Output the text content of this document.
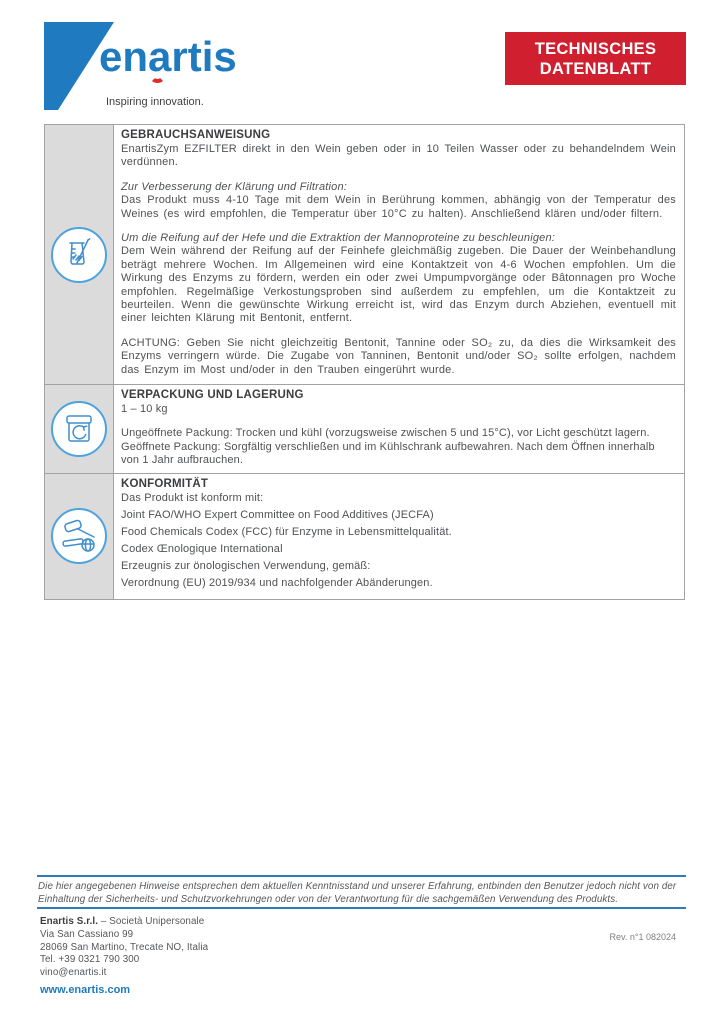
enartis
Inspiring innovation.
TECHNISCHES
DATENBLATT
GEBRAUCHSANWEISUNG
EnartisZym EZFILTER direkt in den Wein geben oder in 10 Teilen Wasser oder zu behandelndem Wein verdünnen.
Zur Verbesserung der Klärung und Filtration:
Das Produkt muss 4-10 Tage mit dem Wein in Berührung kommen, abhängig von der Temperatur des Weines (es wird empfohlen, die Temperatur über 10°C zu halten). Anschließend klären und/oder filtern.
Um die Reifung auf der Hefe und die Extraktion der Mannoproteine zu beschleunigen:
Dem Wein während der Reifung auf der Feinhefe gleichmäßig zugeben. Die Dauer der Weinbehandlung beträgt mehrere Wochen. Im Allgemeinen wird eine Kontaktzeit von 4-6 Wochen empfohlen. Um die Wirkung des Enzyms zu fördern, werden ein oder zwei Umpumpvorgänge oder Bâtonnagen pro Woche empfohlen. Regelmäßige Verkostungsproben sind außerdem zu empfehlen, um die Kontaktzeit zu beurteilen. Wenn die gewünschte Wirkung erreicht ist, wird das Enzym durch Abziehen, eventuell mit einer leichten Klärung mit Bentonit, entfernt.
ACHTUNG: Geben Sie nicht gleichzeitig Bentonit, Tannine oder SO₂ zu, da dies die Wirksamkeit des Enzyms verringern würde. Die Zugabe von Tanninen, Bentonit und/oder SO₂ sollte erfolgen, nachdem das Enzym im Most und/oder in den Trauben eingerührt wurde.
VERPACKUNG UND LAGERUNG
1 – 10 kg
Ungeöffnete Packung: Trocken und kühl (vorzugsweise zwischen 5 und 15°C), vor Licht geschützt lagern.
Geöffnete Packung: Sorgfältig verschließen und im Kühlschrank aufbewahren. Nach dem Öffnen innerhalb von 1 Jahr aufbrauchen.
KONFORMITÄT
Das Produkt ist konform mit:
Joint FAO/WHO Expert Committee on Food Additives (JECFA)
Food Chemicals Codex (FCC) für Enzyme in Lebensmittelqualität.
Codex Œnologique International
Erzeugnis zur önologischen Verwendung, gemäß:
Verordnung (EU) 2019/934 und nachfolgender Abänderungen.
Die hier angegebenen Hinweise entsprechen dem aktuellen Kenntnisstand und unserer Erfahrung, entbinden den Benutzer jedoch nicht von der Einhaltung der Sicherheits- und Schutzvorkehrungen oder von der Verantwortung für die sachgemäßen Verwendung des Produkts.
Enartis S.r.l. – Società Unipersonale
Via San Cassiano 99
28069 San Martino, Trecate NO, Italia
Tel. +39 0321 790 300
vino@enartis.it
Rev. n°1 082024
www.enartis.com
